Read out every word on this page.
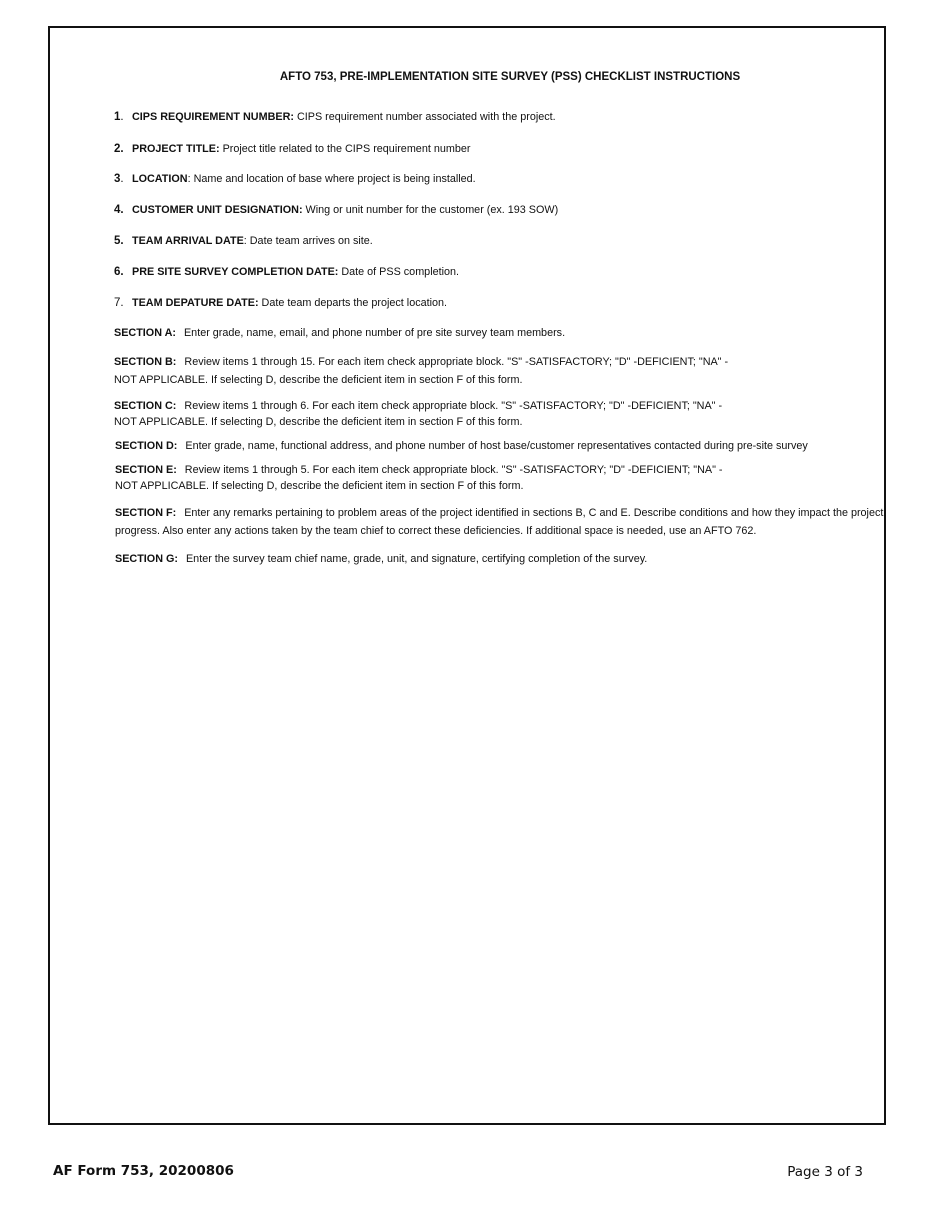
AFTO 753, PRE-IMPLEMENTATION SITE SURVEY (PSS) CHECKLIST INSTRUCTIONS
1. CIPS REQUIREMENT NUMBER: CIPS requirement number associated with the project.
2. PROJECT TITLE: Project title related to the CIPS requirement number
3. LOCATION: Name and location of base where project is being installed.
4. CUSTOMER UNIT DESIGNATION: Wing or unit number for the customer (ex. 193 SOW)
5. TEAM ARRIVAL DATE: Date team arrives on site.
6. PRE SITE SURVEY COMPLETION DATE: Date of PSS completion.
7. TEAM DEPATURE DATE: Date team departs the project location.
SECTION A: Enter grade, name, email, and phone number of pre site survey team members.
SECTION B: Review items 1 through 15. For each item check appropriate block. "S" -SATISFACTORY; "D" -DEFICIENT; "NA" -
NOT APPLICABLE. If selecting D, describe the deficient item in section F of this form.
SECTION C: Review items 1 through 6. For each item check appropriate block. "S" -SATISFACTORY; "D" -DEFICIENT; "NA" -
NOT APPLICABLE. If selecting D, describe the deficient item in section F of this form.
SECTION D: Enter grade, name, functional address, and phone number of host base/customer representatives contacted during pre-site survey
SECTION E: Review items 1 through 5. For each item check appropriate block. "S" -SATISFACTORY; "D" -DEFICIENT; "NA" -
NOT APPLICABLE. If selecting D, describe the deficient item in section F of this form.
SECTION F: Enter any remarks pertaining to problem areas of the project identified in sections B, C and E. Describe conditions and how they impact the project
progress. Also enter any actions taken by the team chief to correct these deficiencies. If additional space is needed, use an AFTO 762.
SECTION G: Enter the survey team chief name, grade, unit, and signature, certifying completion of the survey.
AF Form 753, 20200806	Page 3 of 3
